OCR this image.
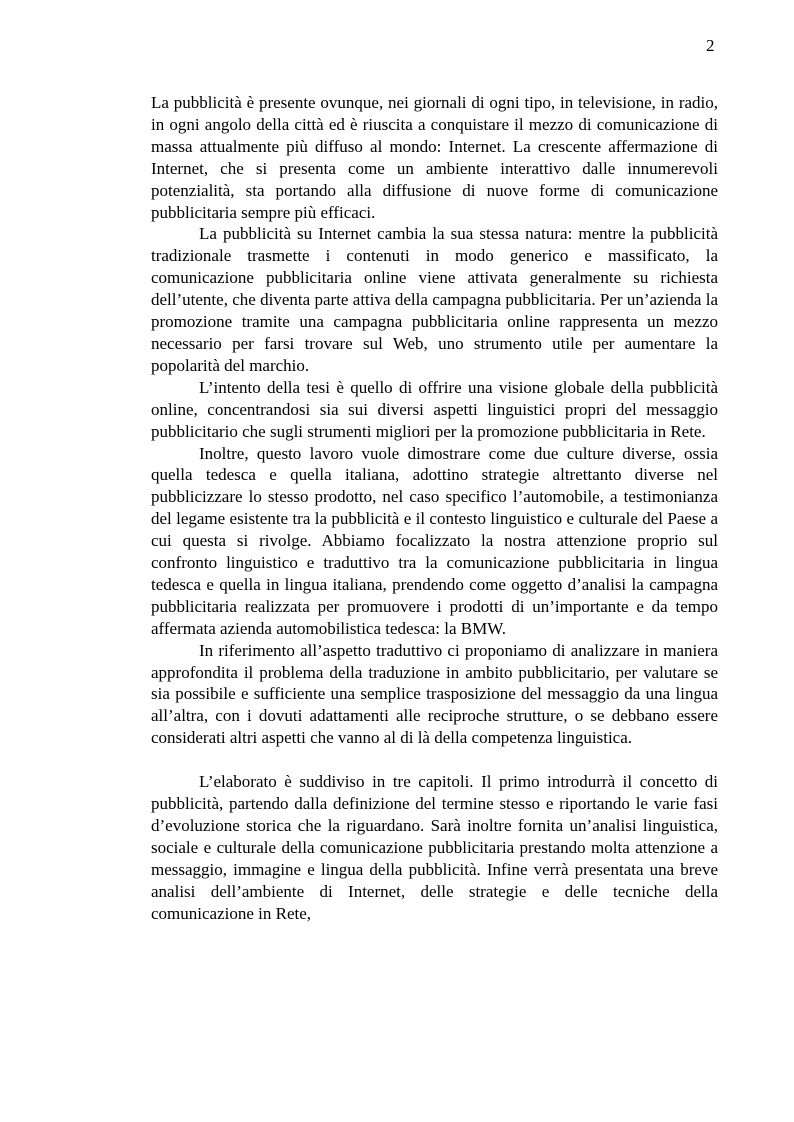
2

La pubblicità è presente ovunque, nei giornali di ogni tipo, in televisione, in radio, in ogni angolo della città ed è riuscita a conquistare il mezzo di comunicazione di massa attualmente più diffuso al mondo: Internet. La crescente affermazione di Internet, che si presenta come un ambiente interattivo dalle innumerevoli potenzialità, sta portando alla diffusione di nuove forme di comunicazione pubblicitaria sempre più efficaci.

La pubblicità su Internet cambia la sua stessa natura: mentre la pubblicità tradizionale trasmette i contenuti in modo generico e massificato, la comunicazione pubblicitaria online viene attivata generalmente su richiesta dell’utente, che diventa parte attiva della campagna pubblicitaria. Per un’azienda la promozione tramite una campagna pubblicitaria online rappresenta un mezzo necessario per farsi trovare sul Web, uno strumento utile per aumentare la popolarità del marchio.

L’intento della tesi è quello di offrire una visione globale della pubblicità online, concentrandosi sia sui diversi aspetti linguistici propri del messaggio pubblicitario che sugli strumenti migliori per la promozione pubblicitaria in Rete.

Inoltre, questo lavoro vuole dimostrare come due culture diverse, ossia quella tedesca e quella italiana, adottino strategie altrettanto diverse nel pubblicizzare lo stesso prodotto, nel caso specifico l’automobile, a testimonianza del legame esistente tra la pubblicità e il contesto linguistico e culturale del Paese a cui questa si rivolge. Abbiamo focalizzato la nostra attenzione proprio sul confronto linguistico e traduttivo tra la comunicazione pubblicitaria in lingua tedesca e quella in lingua italiana, prendendo come oggetto d’analisi la campagna pubblicitaria realizzata per promuovere i prodotti di un’importante e da tempo affermata azienda automobilistica tedesca: la BMW.

In riferimento all’aspetto traduttivo ci proponiamo di analizzare in maniera approfondita il problema della traduzione in ambito pubblicitario, per valutare se sia possibile e sufficiente una semplice trasposizione del messaggio da una lingua all’altra, con i dovuti adattamenti alle reciproche strutture, o se debbano essere considerati altri aspetti che vanno al di là della competenza linguistica.

L’elaborato è suddiviso in tre capitoli. Il primo introdurrà il concetto di pubblicità, partendo dalla definizione del termine stesso e riportando le varie fasi d’evoluzione storica che la riguardano. Sarà inoltre fornita un’analisi linguistica, sociale e culturale della comunicazione pubblicitaria prestando molta attenzione a messaggio, immagine e lingua della pubblicità. Infine verrà presentata una breve analisi dell’ambiente di Internet, delle strategie e delle tecniche della comunicazione in Rete,
